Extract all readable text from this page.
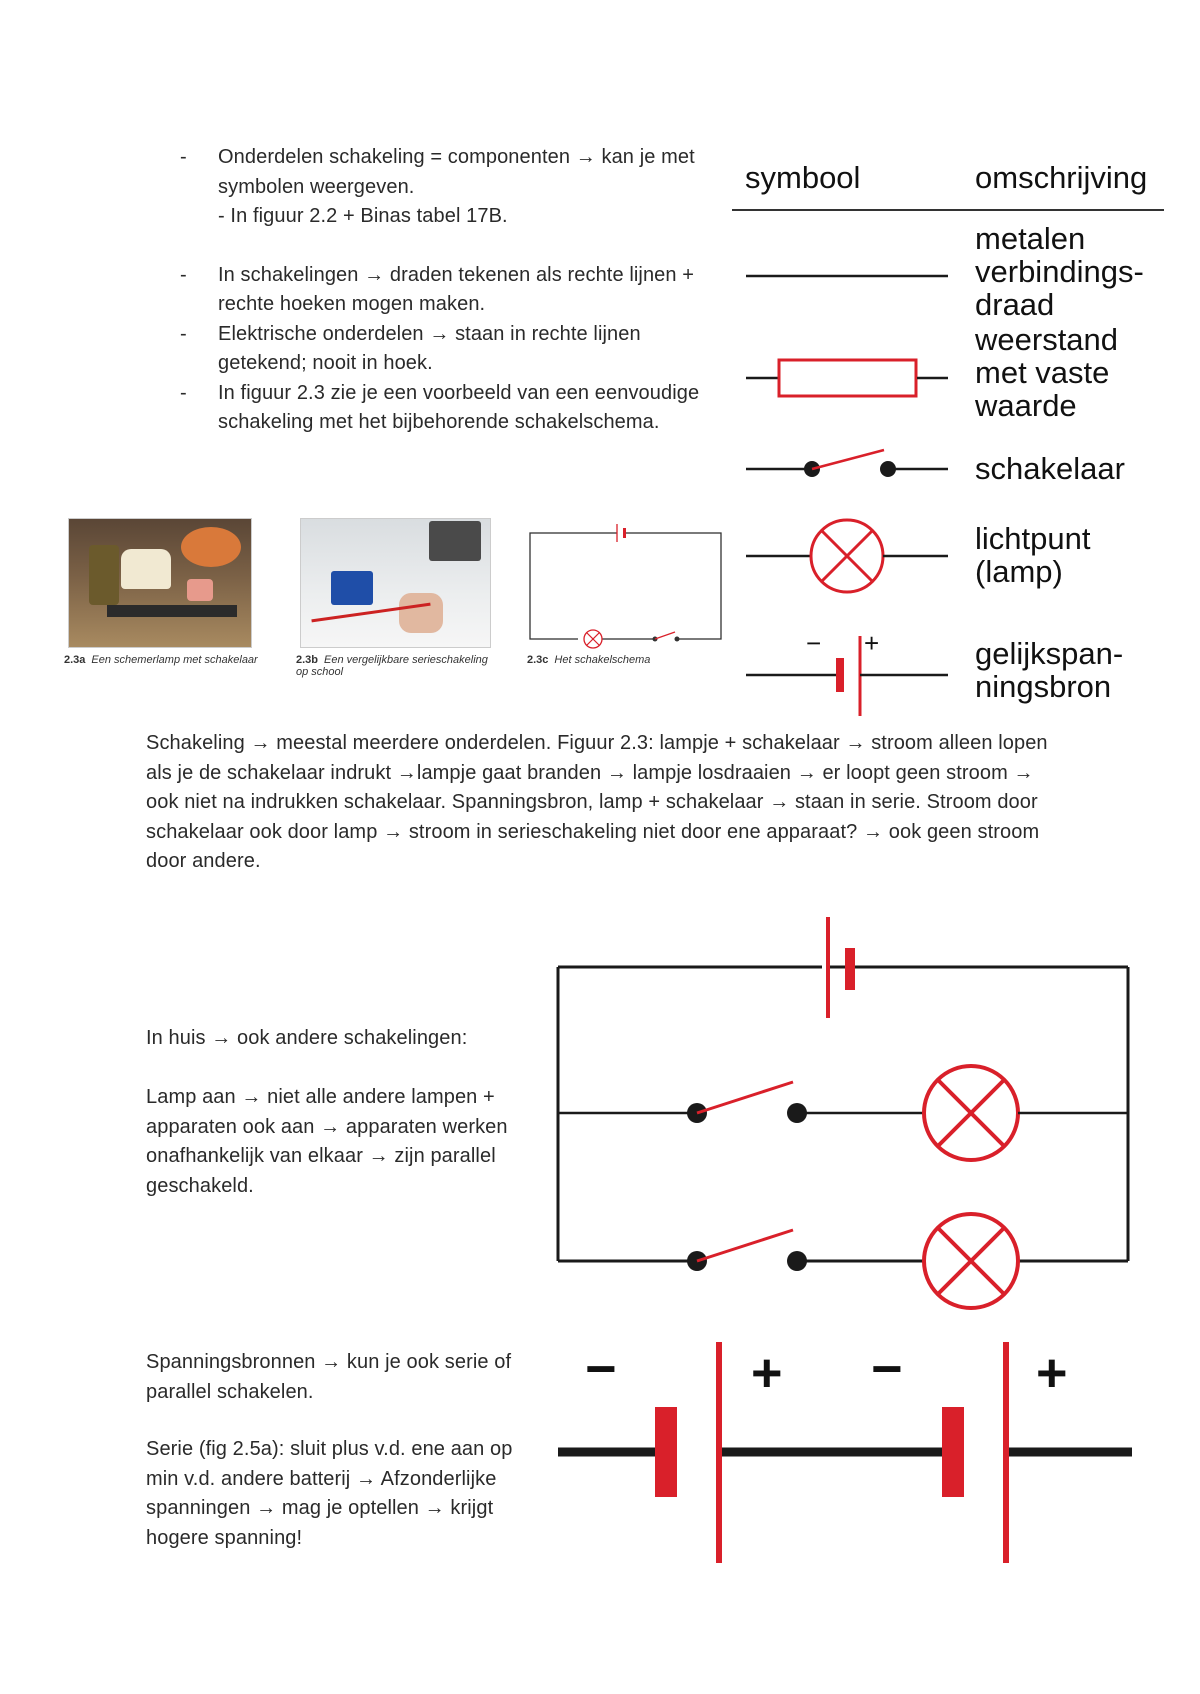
- Onderdelen schakeling = componenten → kan je met symbolen weergeven.
- In figuur 2.2 + Binas tabel 17B.
- In schakelingen → draden tekenen als rechte lijnen + rechte hoeken mogen maken.
- Elektrische onderdelen → staan in rechte lijnen getekend; nooit in hoek.
- In figuur 2.3 zie je een voorbeeld van een eenvoudige schakeling met het bijbehorende schakelschema.
symbool	omschrijving
metalen verbindings- draad
weerstand met vaste waarde
schakelaar
lichtpunt (lamp)
gelijkspan- ningsbron
− +
2.3a Een schemerlamp met schakelaar	2.3b Een vergelijkbare serieschakeling op school
2.3c Het schakelschema
Schakeling → meestal meerdere onderdelen. Figuur 2.3: lampje + schakelaar → stroom alleen lopen als je de schakelaar indrukt →lampje gaat branden → lampje losdraaien → er loopt geen stroom → ook niet na indrukken schakelaar. Spanningsbron, lamp + schakelaar → staan in serie. Stroom door schakelaar ook door lamp → stroom in serieschakeling niet door ene apparaat? → ook geen stroom door andere.
In huis → ook andere schakelingen:
Lamp aan → niet alle andere lampen + apparaten ook aan → apparaten werken onafhankelijk van elkaar → zijn parallel geschakeld.
Spanningsbronnen → kun je ook serie of parallel schakelen.
Serie (fig 2.5a): sluit plus v.d. ene aan op min v.d. andere batterij → Afzonderlijke spanningen → mag je optellen → krijgt hogere spanning!
− + − +
